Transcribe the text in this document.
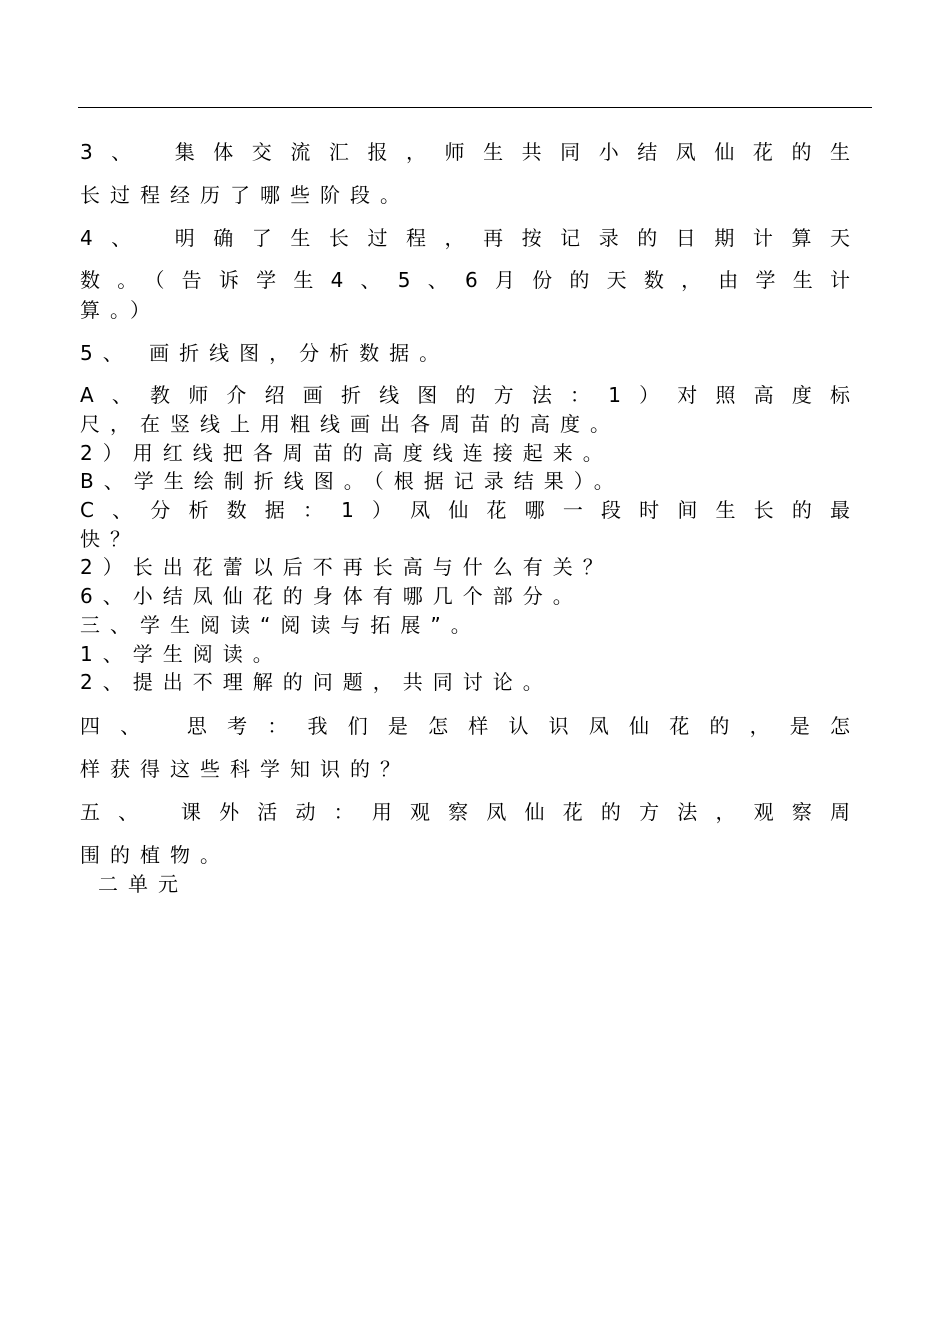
3、 集体交流汇报，师生共同小结凤仙花的生
长过程经历了哪些阶段。
4、 明确了生长过程，再按记录的日期计算天
数。（告诉学生4、5、6月份的天数，由学生计
算。）
5、 画折线图，分析数据。
A、教师介绍画折线图的方法：1）对照高度标
尺，在竖线上用粗线画出各周苗的高度。
2）用红线把各周苗的高度线连接起来。
B、学生绘制折线图。（根据记录结果）。
C、分析数据：1）凤仙花哪一段时间生长的最
快？
2）长出花蕾以后不再长高与什么有关？
6、小结凤仙花的身体有哪几个部分。
三、学生阅读“阅读与拓展”。
1、学生阅读。
2、提出不理解的问题，共同讨论。
四、 思考：我们是怎样认识凤仙花的，是怎
样获得这些科学知识的？
五、 课外活动：用观察凤仙花的方法，观察周
围的植物。
二单元
